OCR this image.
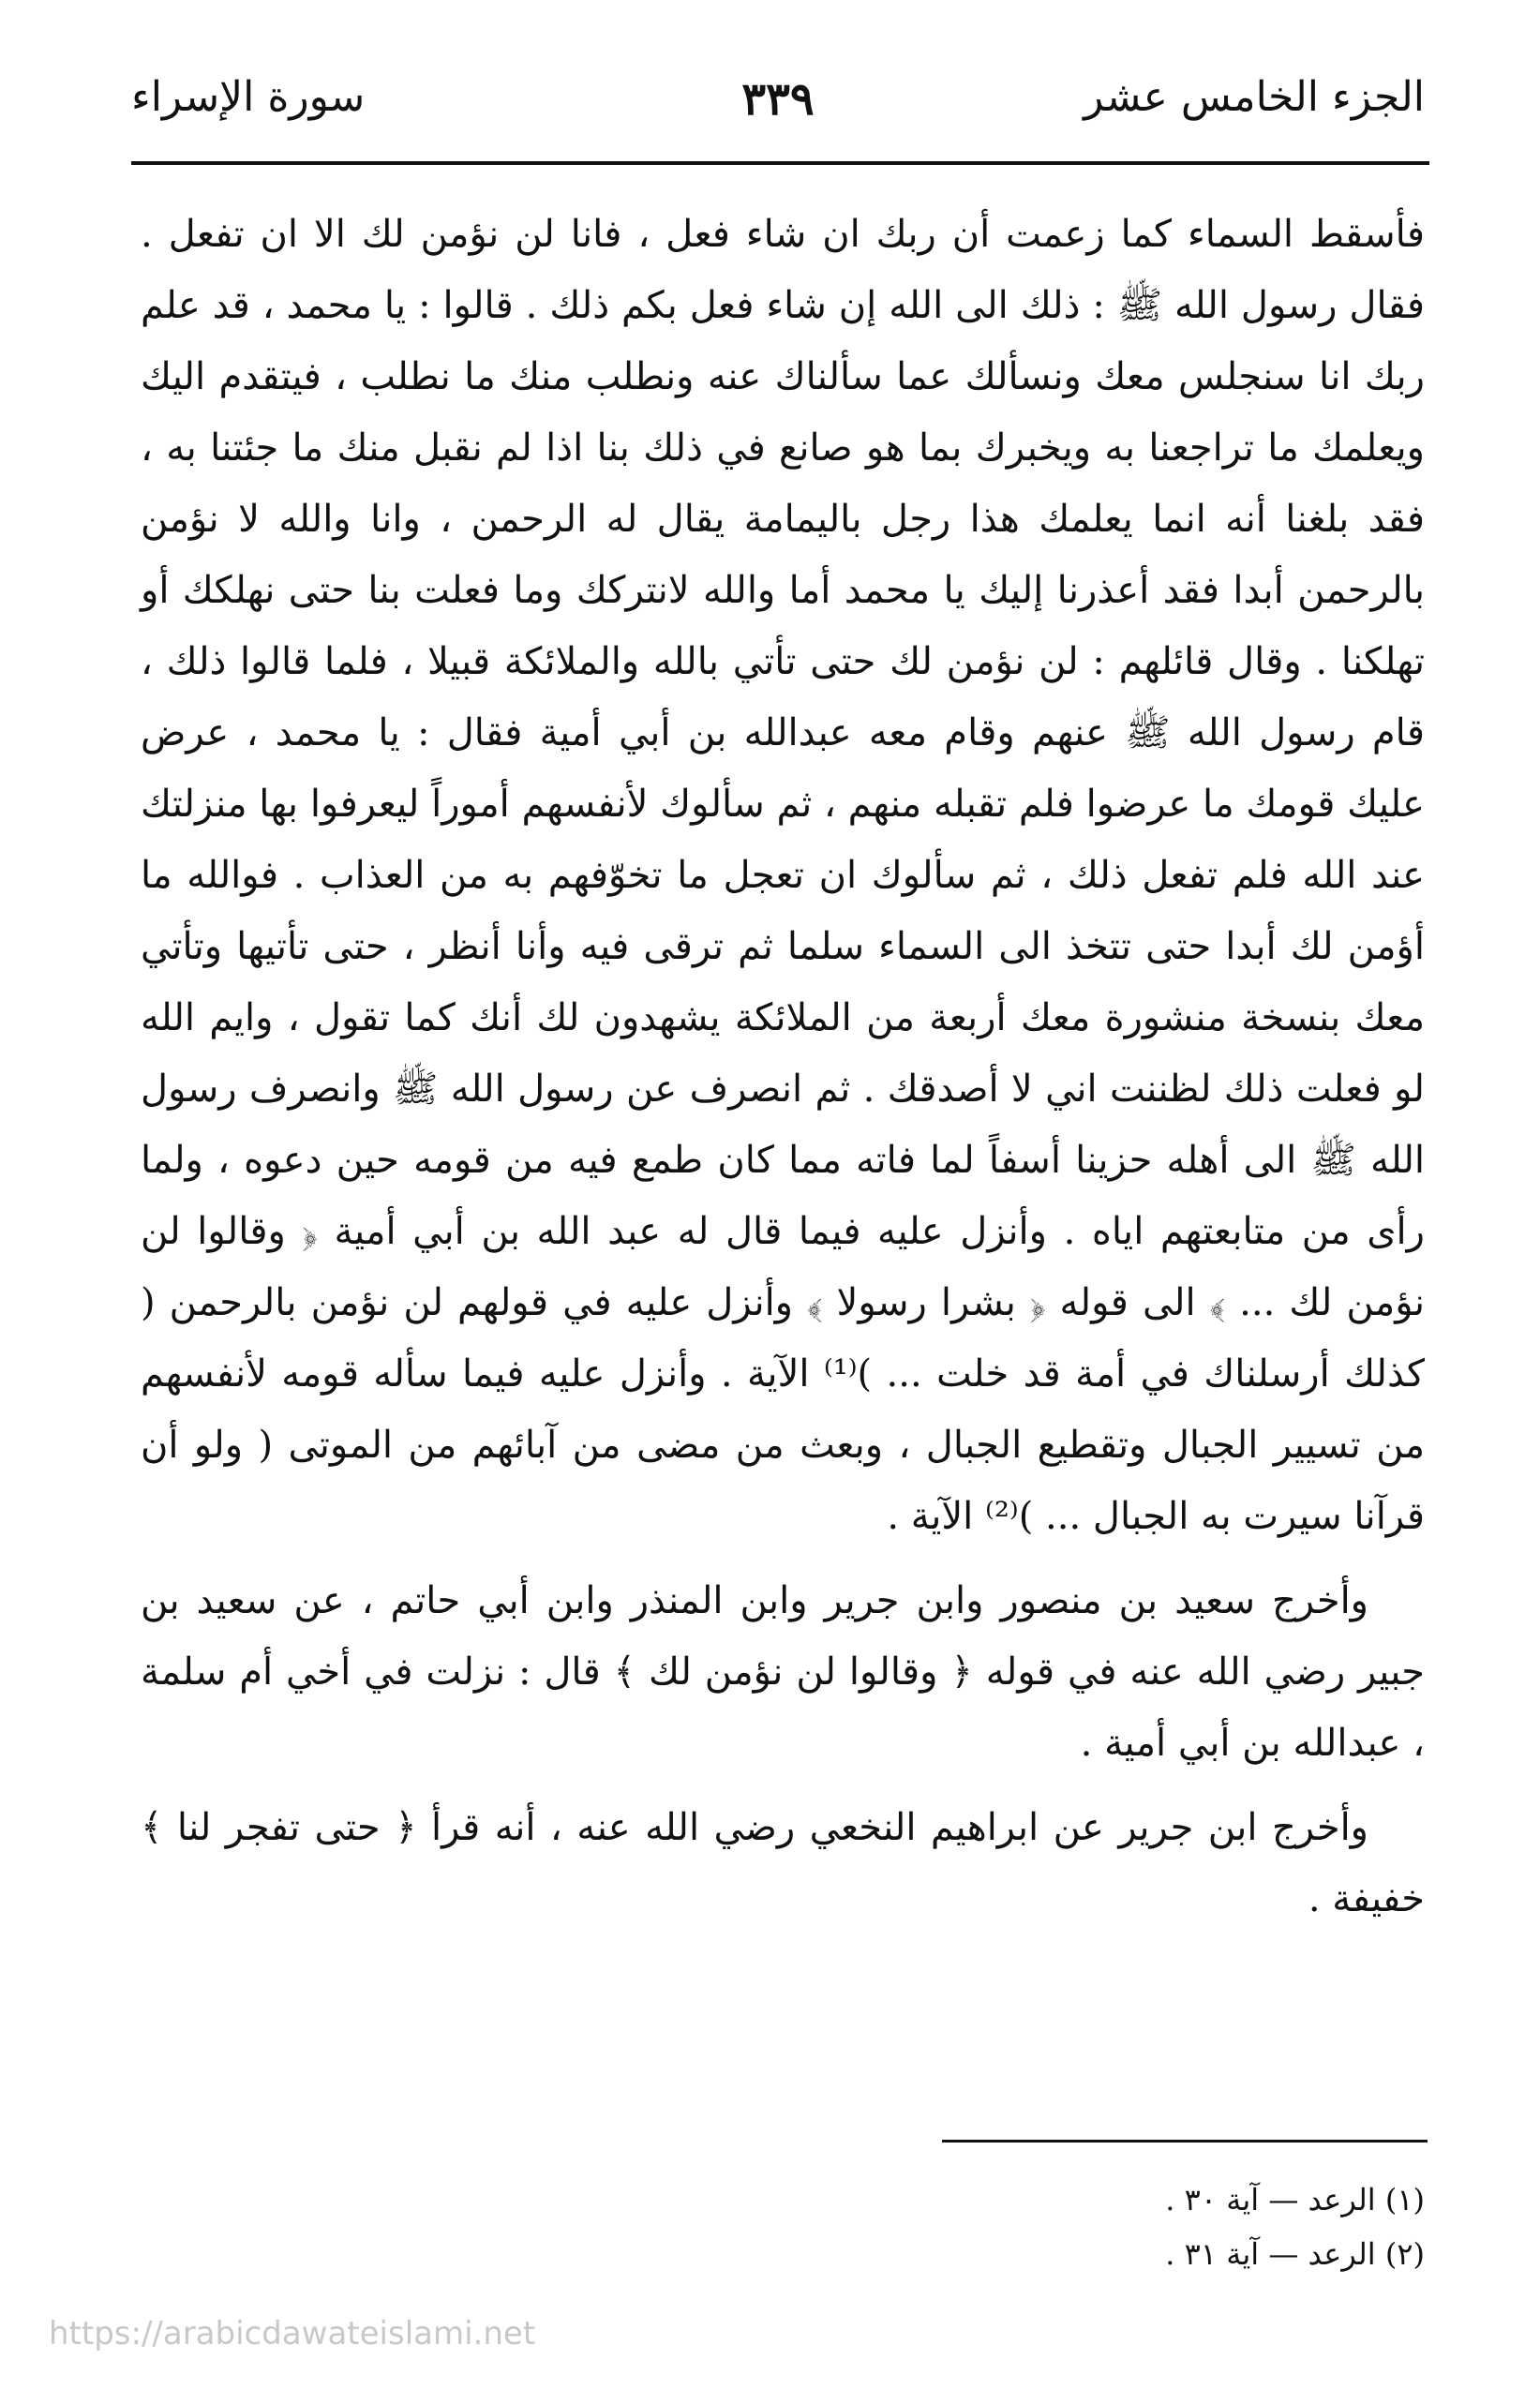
الجزء الخامس عشر
٣٣٩
سورة الإسراء

فأسقط السماء كما زعمت أن ربك ان شاء فعل ، فانا لن نؤمن لك الا ان تفعل . فقال رسول الله ﷺ : ذلك الى الله إن شاء فعل بكم ذلك . قالوا : يا محمد ، قد علم ربك انا سنجلس معك ونسألك عما سألناك عنه ونطلب منك ما نطلب ، فيتقدم اليك ويعلمك ما تراجعنا به ويخبرك بما هو صانع في ذلك بنا اذا لم نقبل منك ما جئتنا به ، فقد بلغنا أنه انما يعلمك هذا رجل باليمامة يقال له الرحمن ، وانا والله لا نؤمن بالرحمن أبدا فقد أعذرنا إليك يا محمد أما والله لانتركك وما فعلت بنا حتى نهلكك أو تهلكنا . وقال قائلهم : لن نؤمن لك حتى تأتي بالله والملائكة قبيلا ، فلما قالوا ذلك ، قام رسول الله ﷺ عنهم وقام معه عبدالله بن أبي أمية فقال : يا محمد ، عرض عليك قومك ما عرضوا فلم تقبله منهم ، ثم سألوك لأنفسهم أموراً ليعرفوا بها منزلتك عند الله فلم تفعل ذلك ، ثم سألوك ان تعجل ما تخوّفهم به من العذاب . فوالله ما أؤمن لك أبدا حتى تتخذ الى السماء سلما ثم ترقى فيه وأنا أنظر ، حتى تأتيها وتأتي معك بنسخة منشورة معك أربعة من الملائكة يشهدون لك أنك كما تقول ، وايم الله لو فعلت ذلك لظننت اني لا أصدقك . ثم انصرف عن رسول الله ﷺ وانصرف رسول الله ﷺ الى أهله حزينا أسفاً لما فاته مما كان طمع فيه من قومه حين دعوه ، ولما رأى من متابعتهم اياه . وأنزل عليه فيما قال له عبد الله بن أبي أمية ﴿ وقالوا لن نؤمن لك ... ﴾ الى قوله ﴿ بشرا رسولا ﴾ وأنزل عليه في قولهم لن نؤمن بالرحمن ( كذلك أرسلناك في أمة قد خلت ... )⁽¹⁾ الآية . وأنزل عليه فيما سأله قومه لأنفسهم من تسيير الجبال وتقطيع الجبال ، وبعث من مضى من آبائهم من الموتى ( ولو أن قرآنا سيرت به الجبال ... )⁽²⁾ الآية .

وأخرج سعيد بن منصور وابن جرير وابن المنذر وابن أبي حاتم ، عن سعيد بن جبير رضي الله عنه في قوله ﴿ وقالوا لن نؤمن لك ﴾ قال : نزلت في أخي أم سلمة ، عبدالله بن أبي أمية .

وأخرج ابن جرير عن ابراهيم النخعي رضي الله عنه ، أنه قرأ ﴿ حتى تفجر لنا ﴾ خفيفة .

(١) الرعد — آية ٣٠ .
(٢) الرعد — آية ٣١ .
https://arabicdawateislami.net
